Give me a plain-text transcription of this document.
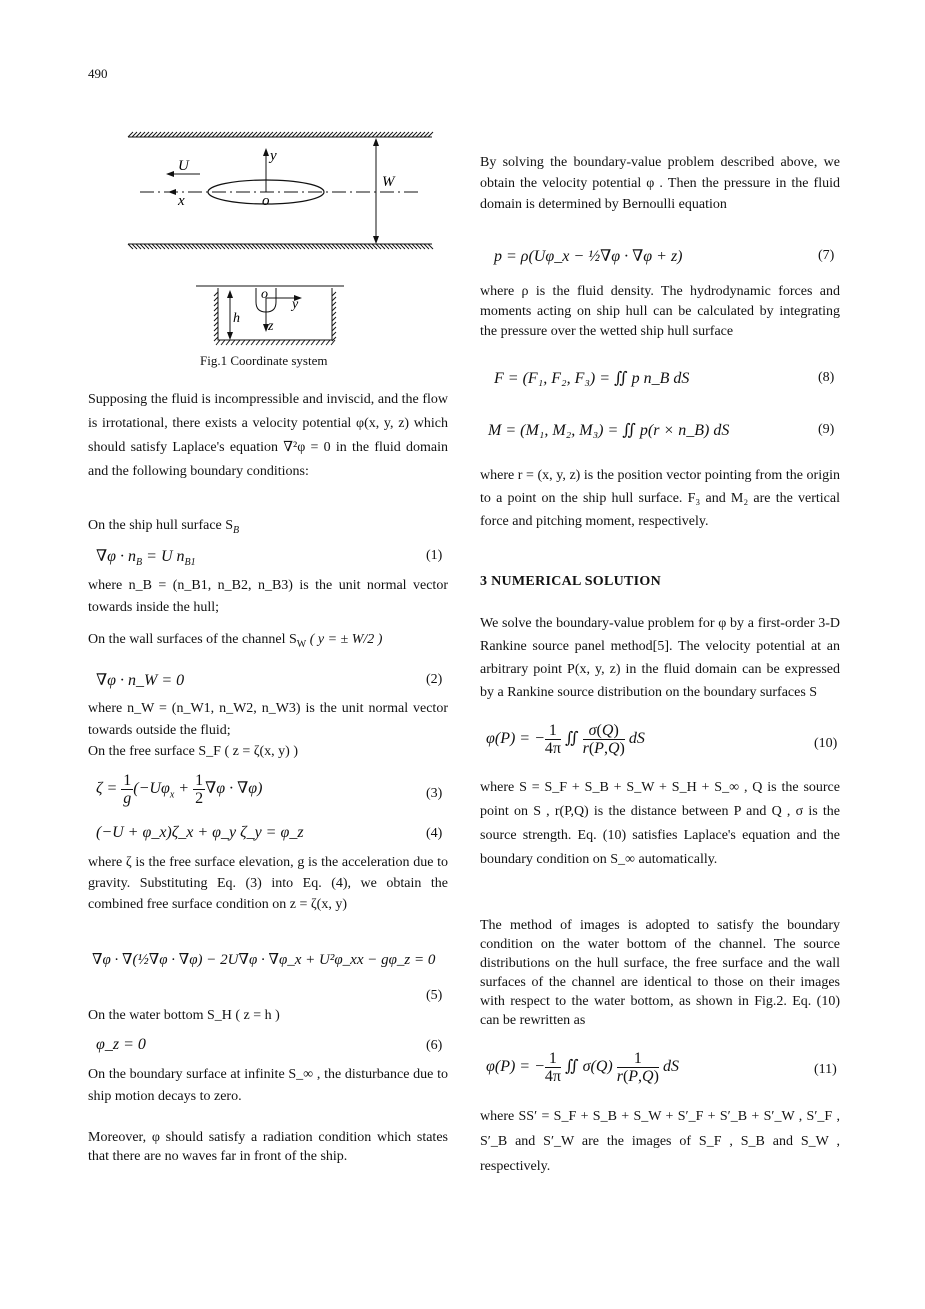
490
U
y
W
x	o
o
y
h
z
Fig.1 Coordinate system

Supposing the fluid is incompressible and inviscid, and the flow is irrotational, there exists a velocity potential φ(x, y, z) which should satisfy Laplace's equation ∇²φ = 0 in the fluid domain and the following boundary conditions:

On the ship hull surface $S_B$
$\nabla\varphi \cdot n_B = U$ $n_{B1}$	(1)

where n_B = (n_B1, n_B2, n_B3) is the unit normal vector towards inside the hull;

On the wall surfaces of the channel $S_W$ ( y = ± W/2 )
∇φ · n_W = 0	(2)

where n_W = (n_W1, n_W2, n_W3) is the unit normal vector towards outside the fluid;

On the free surface S_F ( z = ζ(x, y) )
$\zeta = \frac{1}{g} (-U\varphi_x + \frac{1}{2} \nabla\varphi \cdot \nabla\varphi)$	(3)
(−U + φ_x)ζ_x + φ_y ζ_y = φ_z	(4)

where ζ is the free surface elevation, g is the acceleration due to gravity. Substituting Eq. (3) into Eq. (4), we obtain the combined free surface condition on z = ζ(x, y)

∇φ · ∇(½∇φ · ∇φ) − 2U∇φ · ∇φ_x + U²φ_xx − gφ_z = 0
(5)
On the water bottom S_H ( z = h )
φ_z = 0	(6)

On the boundary surface at infinite S_∞ , the disturbance due to ship motion decays to zero.

Moreover, φ should satisfy a radiation condition which states that there are no waves far in front of the ship.

By solving the boundary-value problem described above, we obtain the velocity potential φ . Then the pressure in the fluid domain is determined by Bernoulli equation

p = ρ(Uφ_x − ½∇φ · ∇φ + z)	(7)

where ρ is the fluid density. The hydrodynamic forces and moments acting on ship hull can be calculated by integrating the pressure over the wetted ship hull surface

F = (F₁, F₂, F₃) = ∬ p n_B dS	(8)
M = (M₁, M₂, M₃) = ∬ p(r × n_B) dS	(9)

where r = (x, y, z) is the position vector pointing from the origin to a point on the ship hull surface. F₃ and M₂ are the vertical force and pitching moment, respectively.

3 NUMERICAL SOLUTION

We solve the boundary-value problem for φ by a first-order 3-D Rankine source panel method[5]. The velocity potential at an arbitrary point P(x, y, z) in the fluid domain can be expressed by a Rankine source distribution on the boundary surfaces S

φ(P) = − $\frac{1}{4\pi}$ ∬ $\frac{\sigma(Q)}{r(P,Q)}$ dS	(10)

where S = S_F + S_B + S_W + S_H + S_∞ , Q is the source point on S , r(P,Q) is the distance between P and Q , σ is the source strength. Eq. (10) satisfies Laplace's equation and the boundary condition on S_∞ automatically.

The method of images is adopted to satisfy the boundary condition on the water bottom of the channel. The source distributions on the hull surface, the free surface and the wall surfaces of the channel are identical to those on their images with respect to the water bottom, as shown in Fig.2. Eq. (10) can be rewritten as

φ(P) = − $\frac{1}{4\pi}$ ∬ $\sigma(Q) \frac{1}{r(P,Q)}$ dS	(11)

where SS′ = S_F + S_B + S_W + S′_F + S′_B + S′_W , S′_F , S′_B and S′_W are the images of S_F , S_B and S_W , respectively.
